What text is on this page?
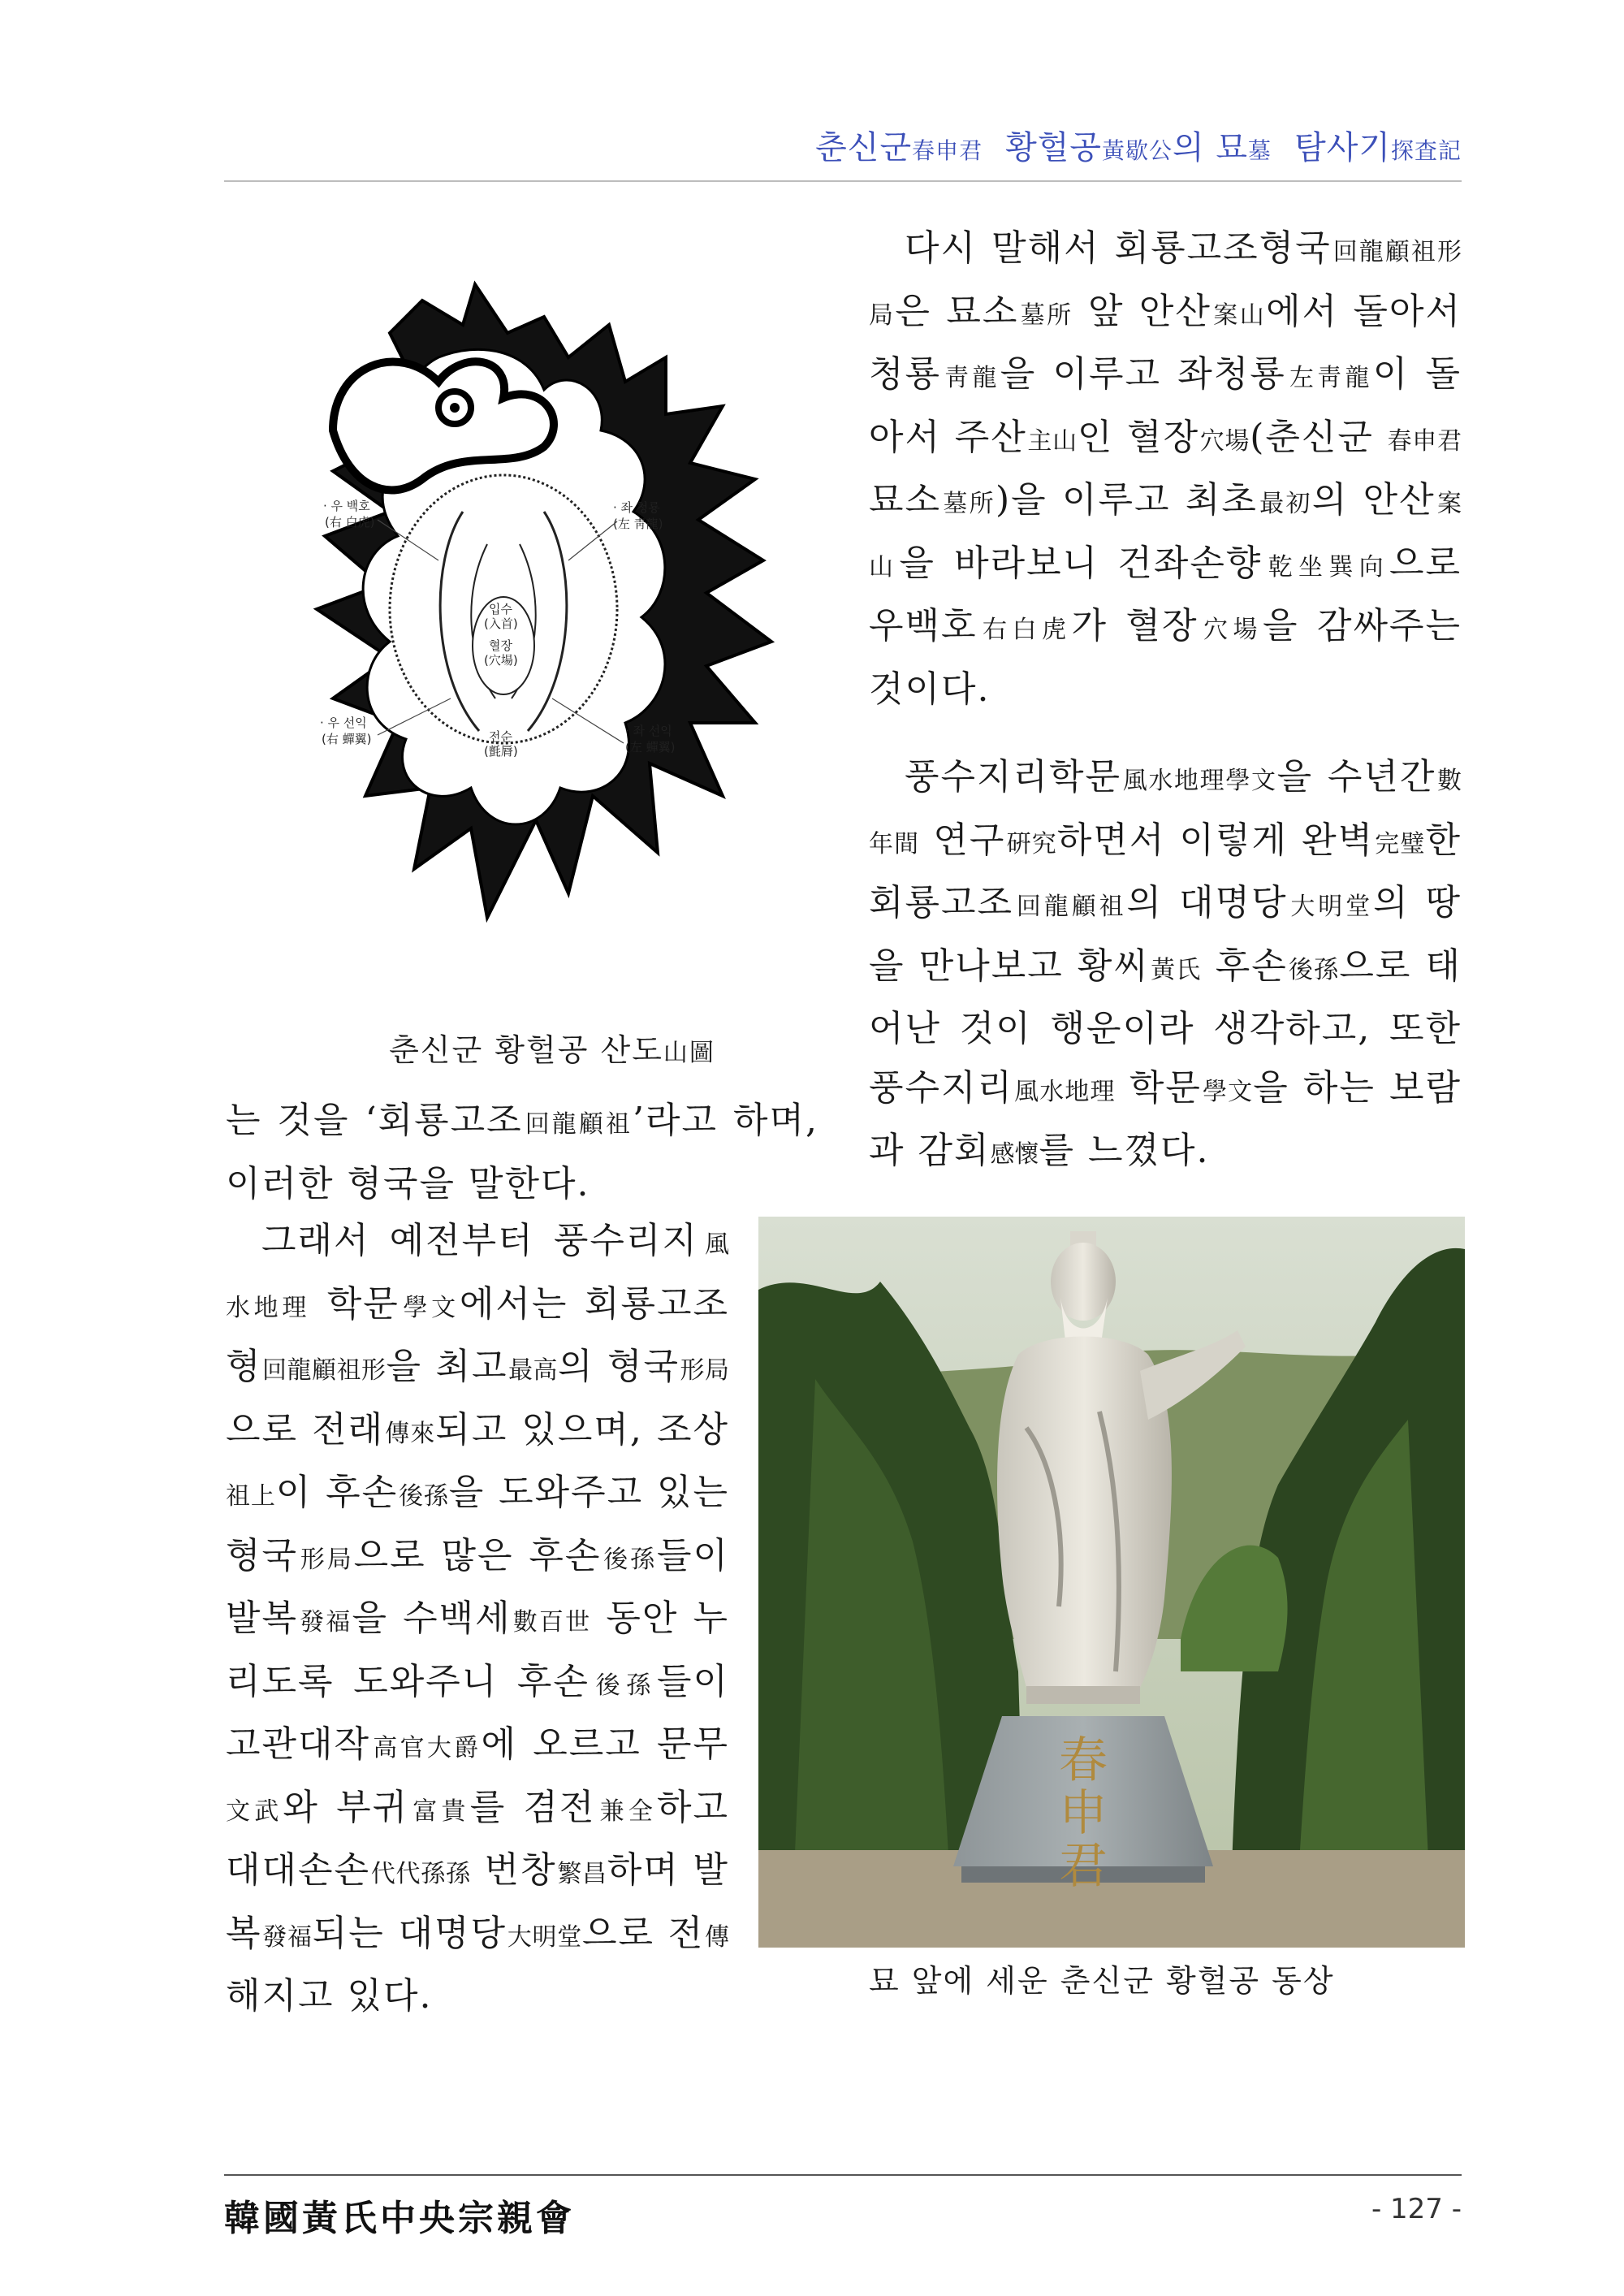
춘신군春申君 황헐공黃歇公의 묘墓 탐사기探査記
다시 말해서 회룡고조형국回龍顧祖形局은 묘소墓所 앞 안산案山에서 돌아서 청룡靑龍을 이루고 좌청룡左靑龍이 돌아서 주산主山인 혈장穴場(춘신군 春申君 묘소墓所)을 이루고 최초最初의 안산案山을 바라보니 건좌손향乾坐巽向으로 우백호右白虎가 혈장穴場을 감싸주는 것이다.
풍수지리학문風水地理學文을 수년간數年間 연구硏究하면서 이렇게 완벽完璧한 회룡고조回龍顧祖의 대명당大明堂의 땅을 만나보고 황씨黃氏 후손後孫으로 태어난 것이 행운이라 생각하고, 또한 풍수지리風水地理 학문學文을 하는 보람과 감회感懷를 느꼈다.
는 것을 ‘회룡고조回龍顧祖’라고 하며, 이러한 형국을 말한다.
그래서 예전부터 풍수리지風水地理 학문學文에서는 회룡고조형回龍顧祖形을 최고最高의 형국形局으로 전래傳來되고 있으며, 조상祖上이 후손後孫을 도와주고 있는 형국形局으로 많은 후손後孫들이 발복發福을 수백세數百世 동안 누리도록 도와주니 후손後孫들이 고관대작高官大爵에 오르고 문무文武와 부귀富貴를 겸전兼全하고 대대손손代代孫孫 번창繁昌하며 발복發福되는 대명당大明堂으로 전傳해지고 있다.
· 우 백호
(右 白虎)
· 좌 청룡
(左 靑龍)
입수
(入首)
혈장
(穴場)
· 우 선익
(右 蟬翼)
· 좌 선익
(左 蟬翼)
전순
(氈脣)
춘신군 황헐공 산도山圖
春
申
君
묘 앞에 세운 춘신군 황헐공 동상
韓國黃氏中央宗親會	- 127 -
